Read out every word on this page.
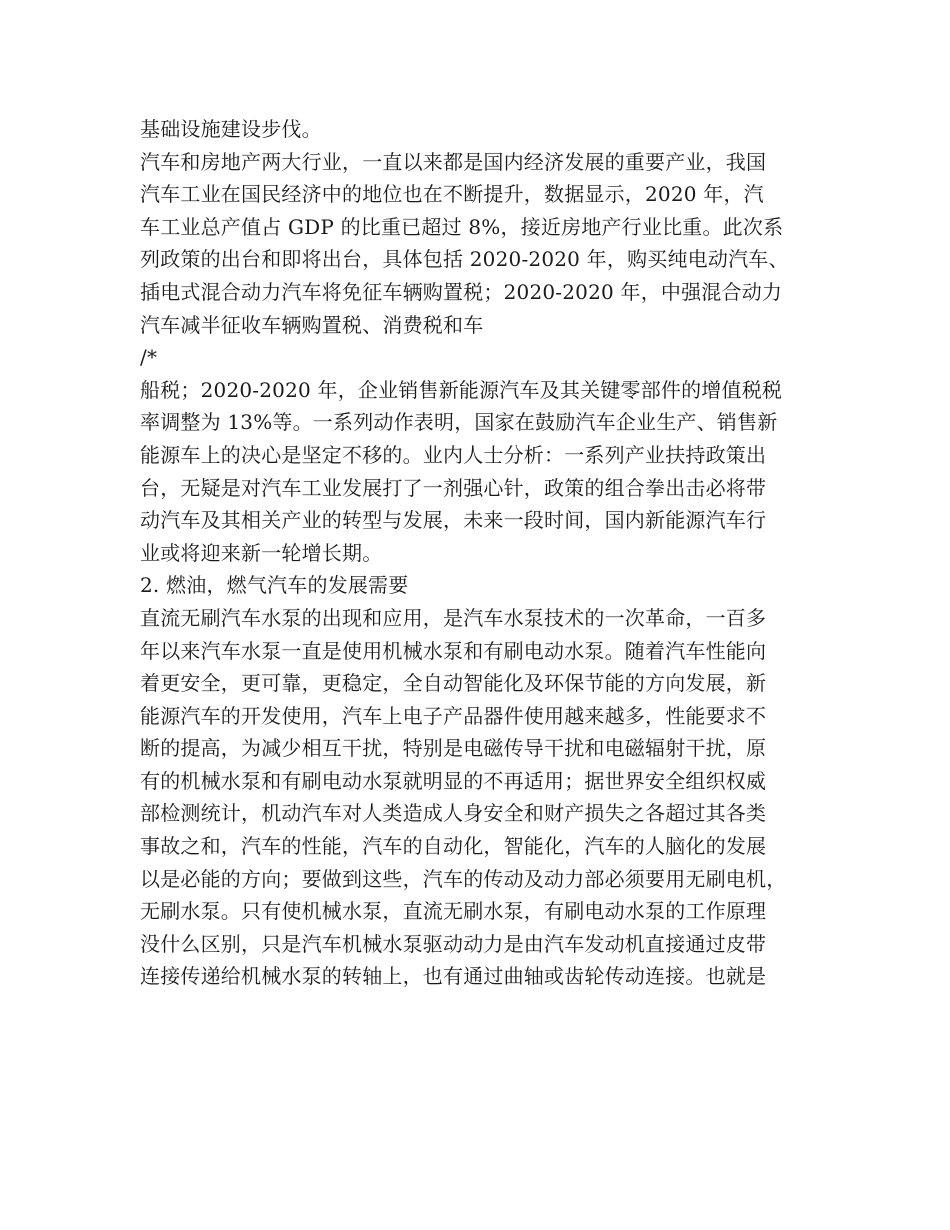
基础设施建设步伐。
汽车和房地产两大行业，一直以来都是国内经济发展的重要产业，我国
汽车工业在国民经济中的地位也在不断提升，数据显示，2020 年，汽
车工业总产值占 GDP 的比重已超过 8%，接近房地产行业比重。此次系
列政策的出台和即将出台，具体包括 2020-2020 年，购买纯电动汽车、
插电式混合动力汽车将免征车辆购置税；2020-2020 年，中强混合动力
汽车减半征收车辆购置税、消费税和车
/*
船税；2020-2020 年，企业销售新能源汽车及其关键零部件的增值税税
率调整为 13%等。一系列动作表明，国家在鼓励汽车企业生产、销售新
能源车上的决心是坚定不移的。业内人士分析：一系列产业扶持政策出
台，无疑是对汽车工业发展打了一剂强心针，政策的组合拳出击必将带
动汽车及其相关产业的转型与发展，未来一段时间，国内新能源汽车行
业或将迎来新一轮增长期。
2. 燃油，燃气汽车的发展需要
直流无刷汽车水泵的出现和应用，是汽车水泵技术的一次革命，一百多
年以来汽车水泵一直是使用机械水泵和有刷电动水泵。随着汽车性能向
着更安全，更可靠，更稳定，全自动智能化及环保节能的方向发展，新
能源汽车的开发使用，汽车上电子产品器件使用越来越多，性能要求不
断的提高，为减少相互干扰，特别是电磁传导干扰和电磁辐射干扰，原
有的机械水泵和有刷电动水泵就明显的不再适用；据世界安全组织权威
部检测统计，机动汽车对人类造成人身安全和财产损失之各超过其各类
事故之和，汽车的性能，汽车的自动化，智能化，汽车的人脑化的发展
以是必能的方向；要做到这些，汽车的传动及动力部必须要用无刷电机，
无刷水泵。只有使机械水泵，直流无刷水泵，有刷电动水泵的工作原理
没什么区别，只是汽车机械水泵驱动动力是由汽车发动机直接通过皮带
连接传递给机械水泵的转轴上，也有通过曲轴或齿轮传动连接。也就是
